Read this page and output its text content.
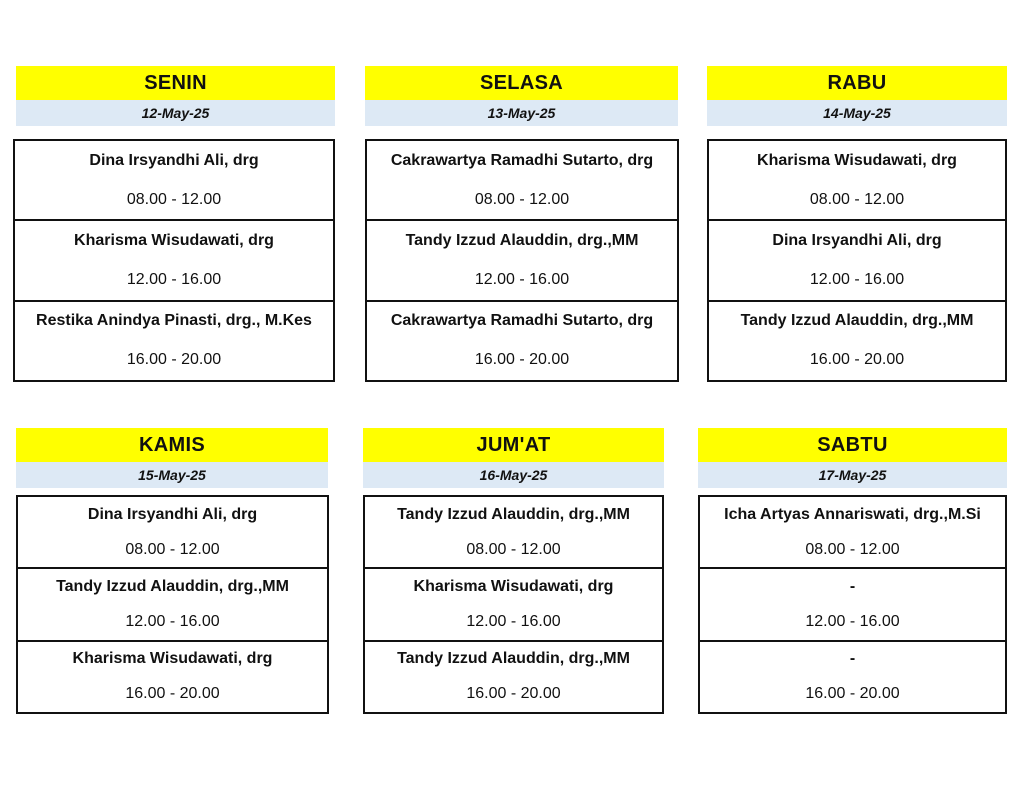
SENIN
12-May-25
Dina Irsyandhi Ali, drg
08.00 - 12.00
Kharisma Wisudawati, drg
12.00 - 16.00
Restika Anindya Pinasti, drg., M.Kes
16.00 - 20.00
SELASA
13-May-25
Cakrawartya Ramadhi Sutarto, drg
08.00 - 12.00
Tandy Izzud Alauddin, drg.,MM
12.00 - 16.00
Cakrawartya Ramadhi Sutarto, drg
16.00 - 20.00
RABU
14-May-25
Kharisma Wisudawati, drg
08.00 - 12.00
Dina Irsyandhi Ali, drg
12.00 - 16.00
Tandy Izzud Alauddin, drg.,MM
16.00 - 20.00
KAMIS
15-May-25
Dina Irsyandhi Ali, drg
08.00 - 12.00
Tandy Izzud Alauddin, drg.,MM
12.00 - 16.00
Kharisma Wisudawati, drg
16.00 - 20.00
JUM'AT
16-May-25
Tandy Izzud Alauddin, drg.,MM
08.00 - 12.00
Kharisma Wisudawati, drg
12.00 - 16.00
Tandy Izzud Alauddin, drg.,MM
16.00 - 20.00
SABTU
17-May-25
Icha Artyas Annariswati, drg.,M.Si
08.00 - 12.00
-
12.00 - 16.00
-
16.00 - 20.00
